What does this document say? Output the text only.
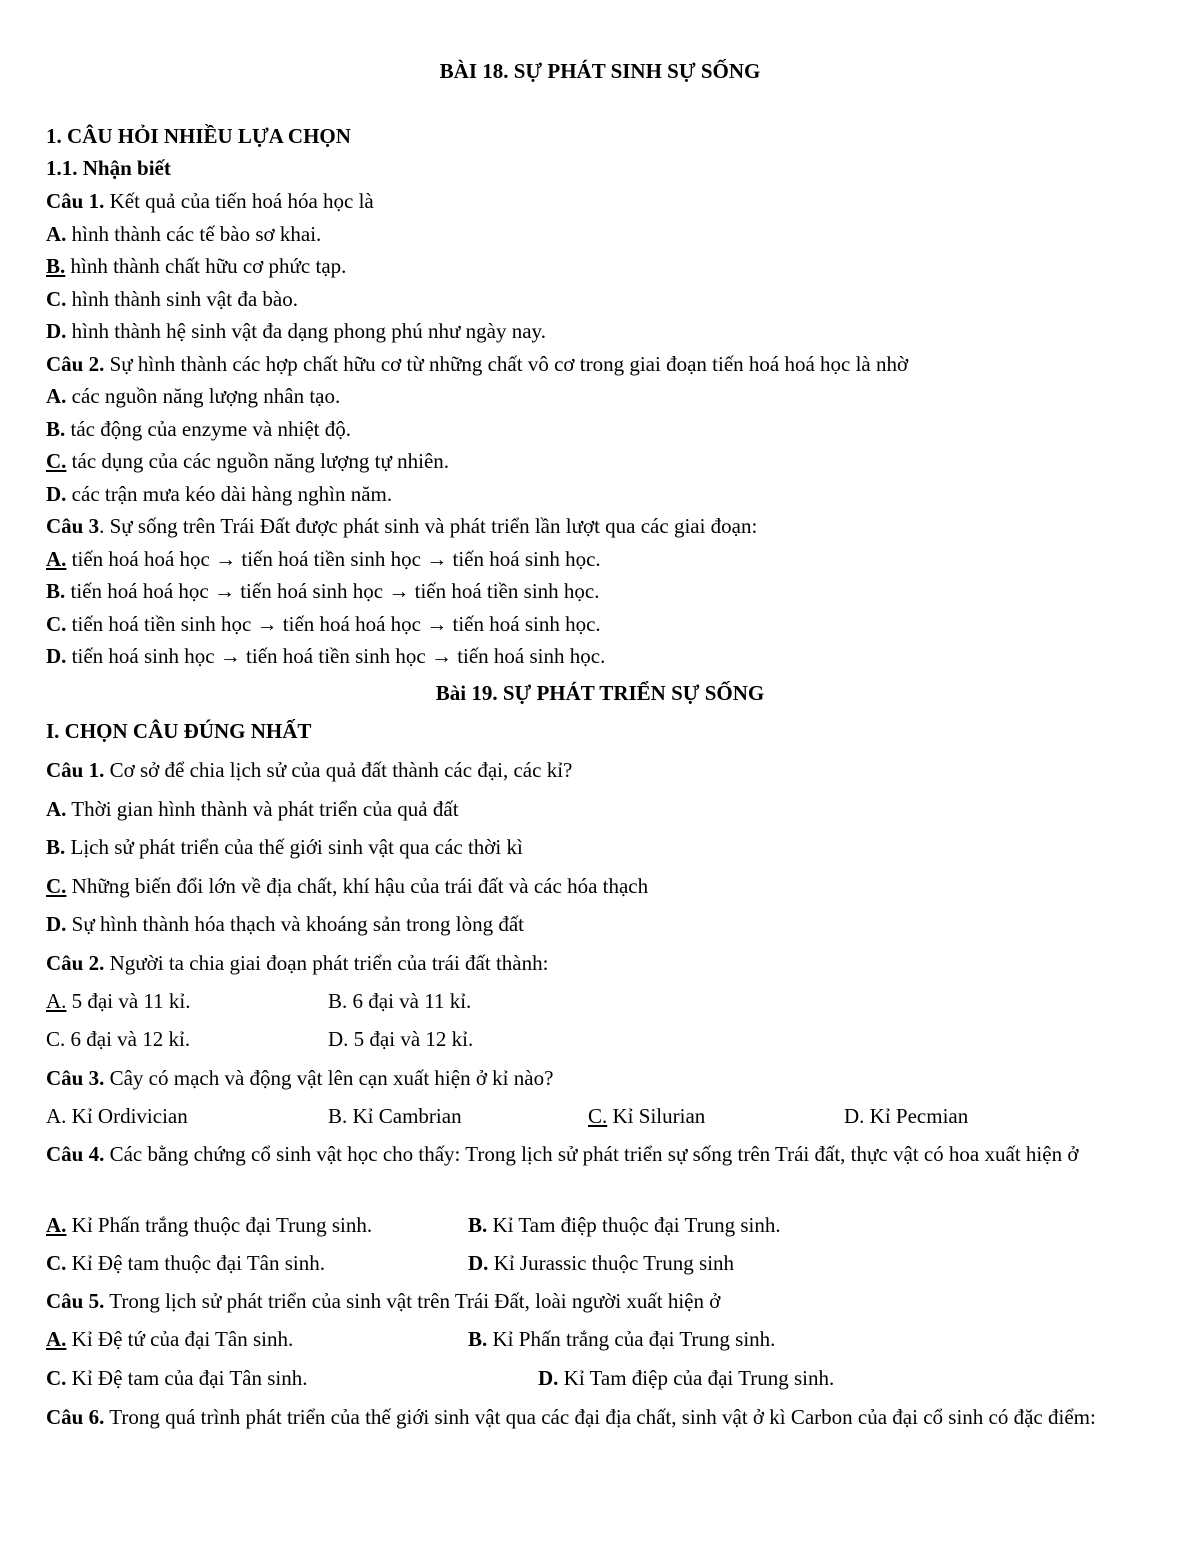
BÀI 18. SỰ PHÁT SINH SỰ SỐNG
1. CÂU HỎI NHIỀU LỰA CHỌN
1.1. Nhận biết
Câu 1. Kết quả của tiến hoá hóa học là
A. hình thành các tế bào sơ khai.
B. hình thành chất hữu cơ phức tạp.
C. hình thành sinh vật đa bào.
D. hình thành hệ sinh vật đa dạng phong phú như ngày nay.
Câu 2. Sự hình thành các hợp chất hữu cơ từ những chất vô cơ trong giai đoạn tiến hoá hoá học là nhờ
A. các nguồn năng lượng nhân tạo.
B. tác động của enzyme và nhiệt độ.
C. tác dụng của các nguồn năng lượng tự nhiên.
D. các trận mưa kéo dài hàng nghìn năm.
Câu 3. Sự sống trên Trái Đất được phát sinh và phát triển lần lượt qua các giai đoạn:
A. tiến hoá hoá học → tiến hoá tiền sinh học → tiến hoá sinh học.
B. tiến hoá hoá học → tiến hoá sinh học → tiến hoá tiền sinh học.
C. tiến hoá tiền sinh học → tiến hoá hoá học → tiến hoá sinh học.
D. tiến hoá sinh học → tiến hoá tiền sinh học → tiến hoá sinh học.
Bài 19. SỰ PHÁT TRIỂN SỰ SỐNG
I. CHỌN CÂU ĐÚNG NHẤT
Câu 1. Cơ sở để chia lịch sử của quả đất thành các đại, các kỉ?
A. Thời gian hình thành và phát triển của quả đất
B. Lịch sử phát triển của thế giới sinh vật qua các thời kì
C. Những biến đổi lớn về địa chất, khí hậu của trái đất và các hóa thạch
D. Sự hình thành hóa thạch và khoáng sản trong lòng đất
Câu 2. Người ta chia giai đoạn phát triển của trái đất thành:
A. 5 đại và 11 kỉ.	B. 6 đại và 11 kỉ.
C. 6 đại và 12 kỉ.	D. 5 đại và 12 kỉ.
Câu 3. Cây có mạch và động vật lên cạn xuất hiện ở kỉ nào?
A. Kỉ Ordivician	B. Kỉ Cambrian	C. Kỉ Silurian	D. Kỉ Pecmian
Câu 4. Các bằng chứng cổ sinh vật học cho thấy: Trong lịch sử phát triển sự sống trên Trái đất, thực vật có hoa xuất hiện ở
A. Kỉ Phấn trắng thuộc đại Trung sinh.	B. Kỉ Tam điệp thuộc đại Trung sinh.
C. Kỉ Đệ tam thuộc đại Tân sinh.	D. Kỉ Jurassic thuộc Trung sinh
Câu 5. Trong lịch sử phát triển của sinh vật trên Trái Đất, loài người xuất hiện ở
A. Kỉ Đệ tứ của đại Tân sinh.	B. Kỉ Phấn trắng của đại Trung sinh.
C. Kỉ Đệ tam của đại Tân sinh.	D. Kỉ Tam điệp của đại Trung sinh.
Câu 6. Trong quá trình phát triển của thế giới sinh vật qua các đại địa chất, sinh vật ở kì Carbon của đại cổ sinh có đặc điểm:
